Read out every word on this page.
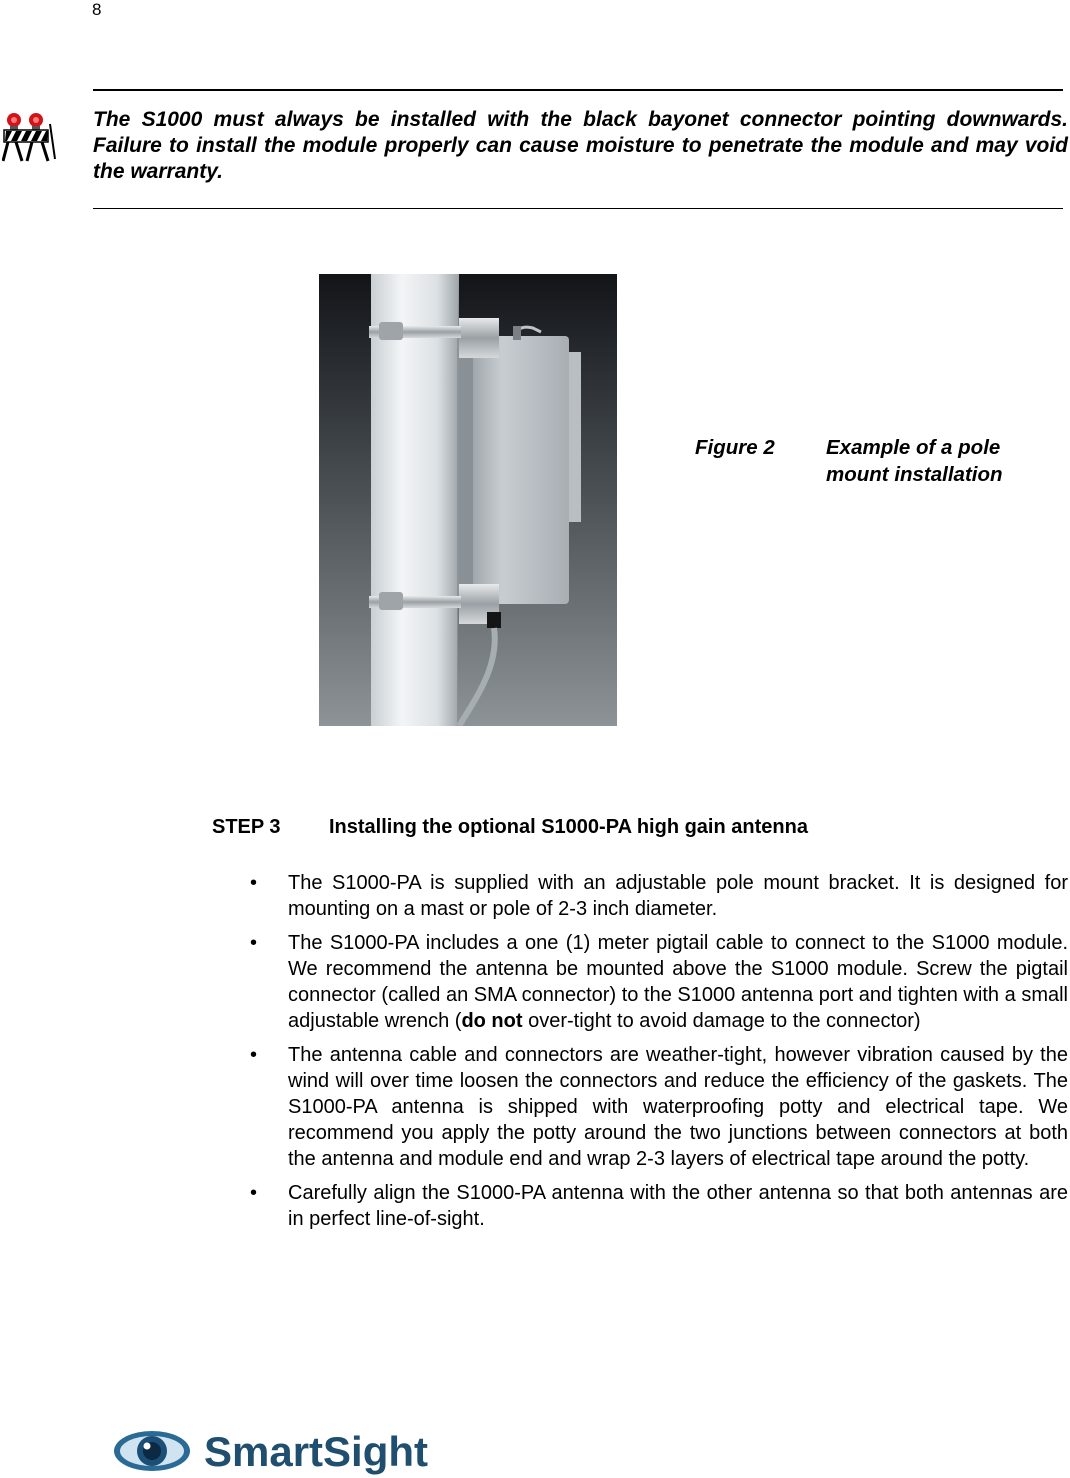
8
The S1000 must always be installed with the black bayonet connector pointing downwards. Failure to install the module properly can cause moisture to penetrate the module and may void the warranty.
Figure 2	Example of a pole mount installation
STEP 3 Installing the optional S1000-PA high gain antenna
• The S1000-PA is supplied with an adjustable pole mount bracket. It is designed for mounting on a mast or pole of 2-3 inch diameter.
• The S1000-PA includes a one (1) meter pigtail cable to connect to the S1000 module. We recommend the antenna be mounted above the S1000 module. Screw the pigtail connector (called an SMA connector) to the S1000 antenna port and tighten with a small adjustable wrench (do not over-tight to avoid damage to the connector)
• The antenna cable and connectors are weather-tight, however vibration caused by the wind will over time loosen the connectors and reduce the efficiency of the gaskets. The S1000-PA antenna is shipped with waterproofing potty and electrical tape. We recommend you apply the potty around the two junctions between connectors at both the antenna and module end and wrap 2-3 layers of electrical tape around the potty.
• Carefully align the S1000-PA antenna with the other antenna so that both antennas are in perfect line-of-sight.
SmartSight
